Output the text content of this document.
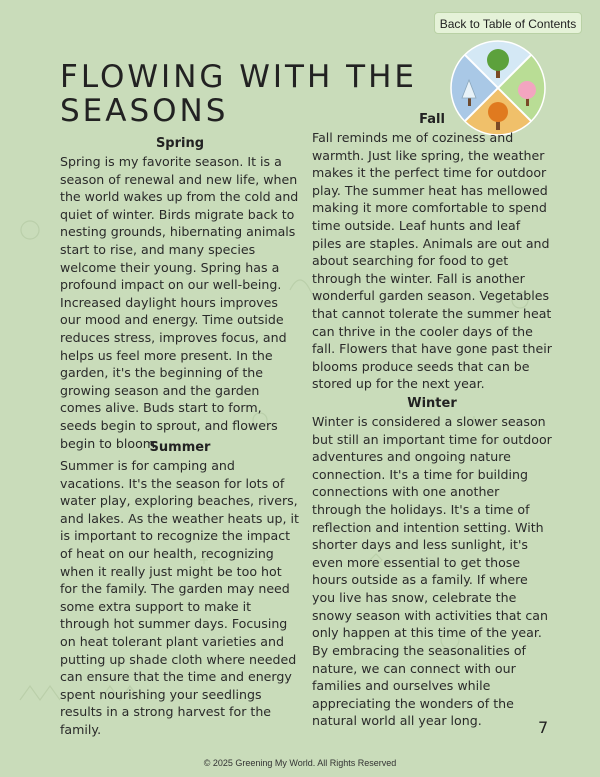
Back to Table of Contents
FLOWING WITH THE SEASONS
Spring

Spring is my favorite season. It is a season of renewal and new life, when the world wakes up from the cold and quiet of winter. Birds migrate back to nesting grounds, hibernating animals start to rise, and many species welcome their young. Spring has a profound impact on our well-being. Increased daylight hours improves our mood and energy. Time outside reduces stress, improves focus, and helps us feel more present. In the garden, it's the beginning of the growing season and the garden comes alive. Buds start to form, seeds begin to sprout, and flowers begin to bloom.

Summer

Summer is for camping and vacations. It's the season for lots of water play, exploring beaches, rivers, and lakes. As the weather heats up, it is important to recognize the impact of heat on our health, recognizing when it really just might be too hot for the family. The garden may need some extra support to make it through hot summer days. Focusing on heat tolerant plant varieties and putting up shade cloth where needed can ensure that the time and energy spent nourishing your seedlings results in a strong harvest for the family.

Fall

Fall reminds me of coziness and warmth. Just like spring, the weather makes it the perfect time for outdoor play. The summer heat has mellowed making it more comfortable to spend time outside. Leaf hunts and leaf piles are staples. Animals are out and about searching for food to get through the winter. Fall is another wonderful garden season. Vegetables that cannot tolerate the summer heat can thrive in the cooler days of the fall. Flowers that have gone past their blooms produce seeds that can be stored up for the next year.

Winter

Winter is considered a slower season but still an important time for outdoor adventures and ongoing nature connection. It's a time for building connections with one another through the holidays. It's a time of reflection and intention setting. With shorter days and less sunlight, it's even more essential to get those hours outside as a family. If where you live has snow, celebrate the snowy season with activities that can only happen at this time of the year.

By embracing the seasonalities of nature, we can connect with our families and ourselves while appreciating the wonders of the natural world all year long.	7
© 2025 Greening My World. All Rights Reserved
